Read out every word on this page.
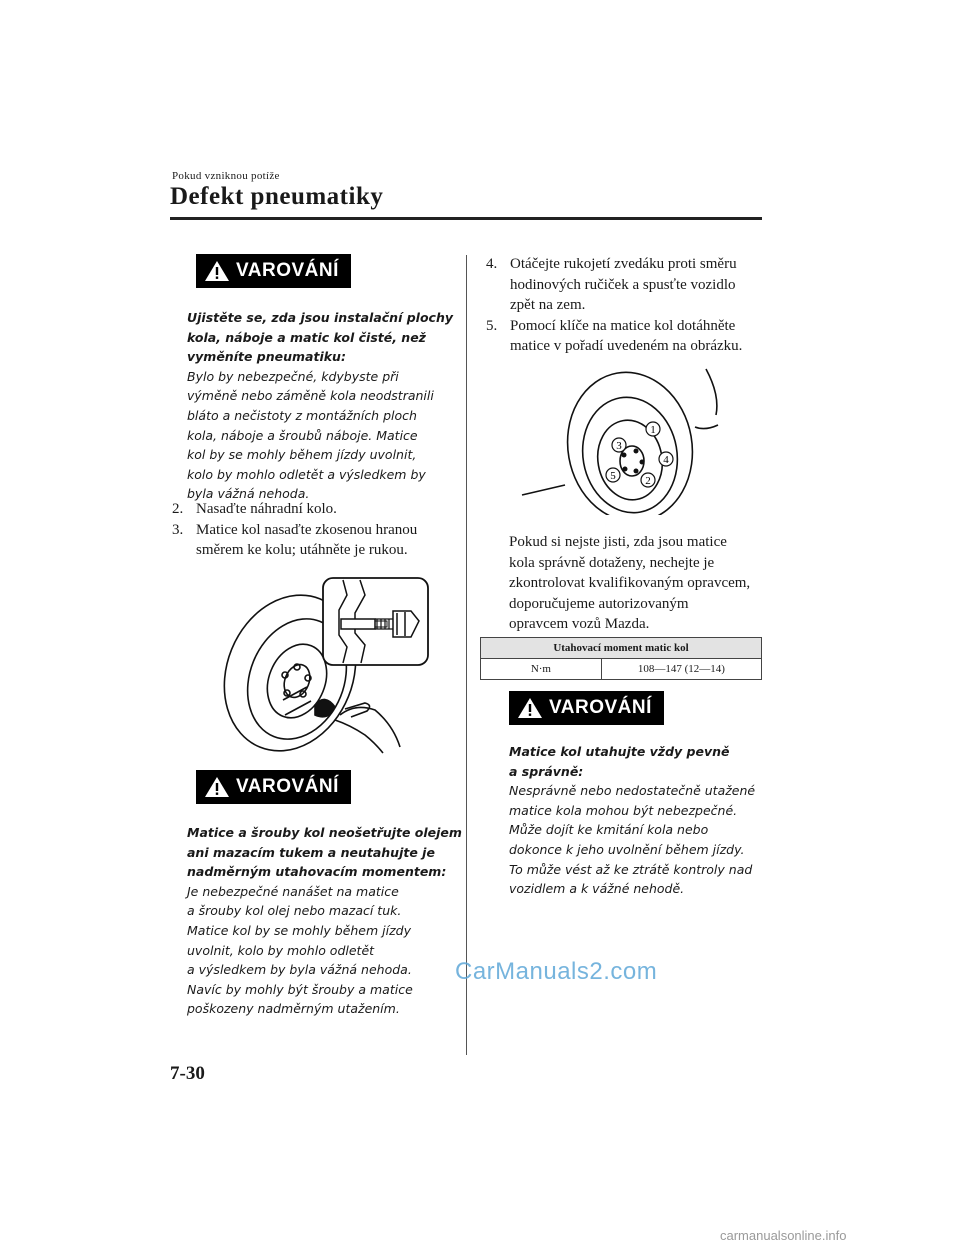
Pokud vzniknou potíže
Defekt pneumatiky
VAROVÁNÍ

Ujistěte se, zda jsou instalační plochy

kola, náboje a matic kol čisté, než

vyměníte pneumatiku:

Bylo by nebezpečné, kdybyste při

výměně nebo záměně kola neodstranili

bláto a nečistoty z montážních ploch

kola, náboje a šroubů náboje. Matice

kol by se mohly během jízdy uvolnit,

kolo by mohlo odletět a výsledkem by

byla vážná nehoda.

2. Nasaďte náhradní kolo.
3. Matice kol nasaďte zkosenou hranou
směrem ke kolu; utáhněte je rukou.
VAROVÁNÍ

Matice a šrouby kol neošetřujte olejem

ani mazacím tukem a neutahujte je

nadměrným utahovacím momentem:

Je nebezpečné nanášet na matice

a šrouby kol olej nebo mazací tuk.

Matice kol by se mohly během jízdy

uvolnit, kolo by mohlo odletět

a výsledkem by byla vážná nehoda.

Navíc by mohly být šrouby a matice

poškozeny nadměrným utažením.

4. Otáčejte rukojetí zvedáku proti směru
hodinových ručiček a spusťte vozidlo
zpět na zem.
5. Pomocí klíče na matice kol dotáhněte
matice v pořadí uvedeném na obrázku.
1
2
3
4
5
Pokud si nejste jisti, zda jsou matice
kola správně dotaženy, nechejte je
zkontrolovat kvalifikovaným opravcem,
doporučujeme autorizovaným
opravcem vozů Mazda.
Utahovací moment matic kol
N·m	108—147 (12—14)
VAROVÁNÍ

Matice kol utahujte vždy pevně

a správně:

Nesprávně nebo nedostatečně utažené

matice kola mohou být nebezpečné.

Může dojít ke kmitání kola nebo

dokonce k jeho uvolnění během jízdy.

To může vést až ke ztrátě kontroly nad

vozidlem a k vážné nehodě.

CarManuals2.com
7-30
carmanualsonline.info
